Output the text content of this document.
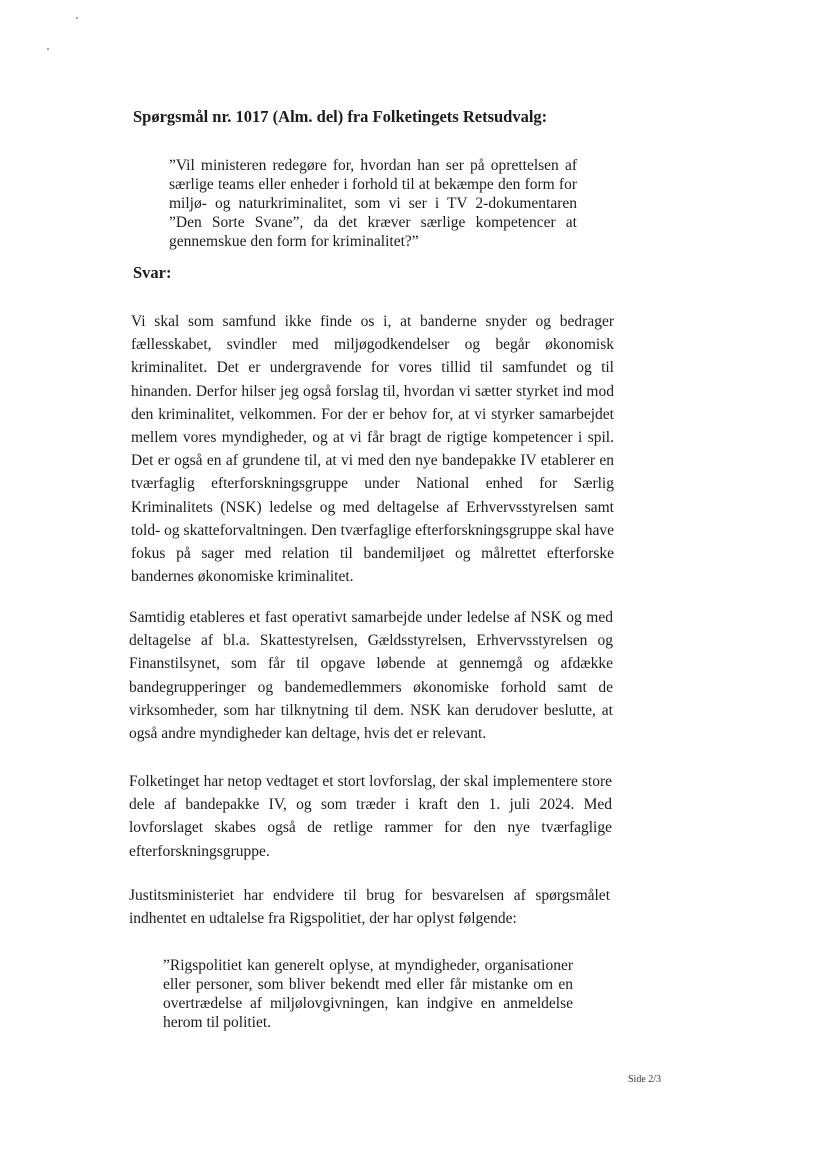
Spørgsmål nr. 1017 (Alm. del) fra Folketingets Retsudvalg:
”Vil ministeren redegøre for, hvordan han ser på oprettelsen af særlige teams eller enheder i forhold til at bekæmpe den form for miljø- og naturkriminalitet, som vi ser i TV 2-dokumentaren ”Den Sorte Svane”, da det kræver særlige kompetencer at gennemskue den form for kriminalitet?”
Svar:
Vi skal som samfund ikke finde os i, at banderne snyder og bedrager fællesskabet, svindler med miljøgodkendelser og begår økonomisk kriminalitet. Det er undergravende for vores tillid til samfundet og til hinanden. Derfor hilser jeg også forslag til, hvordan vi sætter styrket ind mod den kriminalitet, velkommen. For der er behov for, at vi styrker samarbejdet mellem vores myndigheder, og at vi får bragt de rigtige kompetencer i spil. Det er også en af grundene til, at vi med den nye bandepakke IV etablerer en tværfaglig efterforskningsgruppe under National enhed for Særlig Kriminalitets (NSK) ledelse og med deltagelse af Erhvervsstyrelsen samt told- og skatteforvaltningen. Den tværfaglige efterforskningsgruppe skal have fokus på sager med relation til bandemiljøet og målrettet efterforske bandernes økonomiske kriminalitet.
Samtidig etableres et fast operativt samarbejde under ledelse af NSK og med deltagelse af bl.a. Skattestyrelsen, Gældsstyrelsen, Erhvervsstyrelsen og Finanstilsynet, som får til opgave løbende at gennemgå og afdække bandegrupperinger og bandemedlemmers økonomiske forhold samt de virksomheder, som har tilknytning til dem. NSK kan derudover beslutte, at også andre myndigheder kan deltage, hvis det er relevant.
Folketinget har netop vedtaget et stort lovforslag, der skal implementere store dele af bandepakke IV, og som træder i kraft den 1. juli 2024. Med lovforslaget skabes også de retlige rammer for den nye tværfaglige efterforskningsgruppe.
Justitsministeriet har endvidere til brug for besvarelsen af spørgsmålet indhentet en udtalelse fra Rigspolitiet, der har oplyst følgende:
”Rigspolitiet kan generelt oplyse, at myndigheder, organisationer eller personer, som bliver bekendt med eller får mistanke om en overtrædelse af miljølovgivningen, kan indgive en anmeldelse herom til politiet.
Side 2/3
